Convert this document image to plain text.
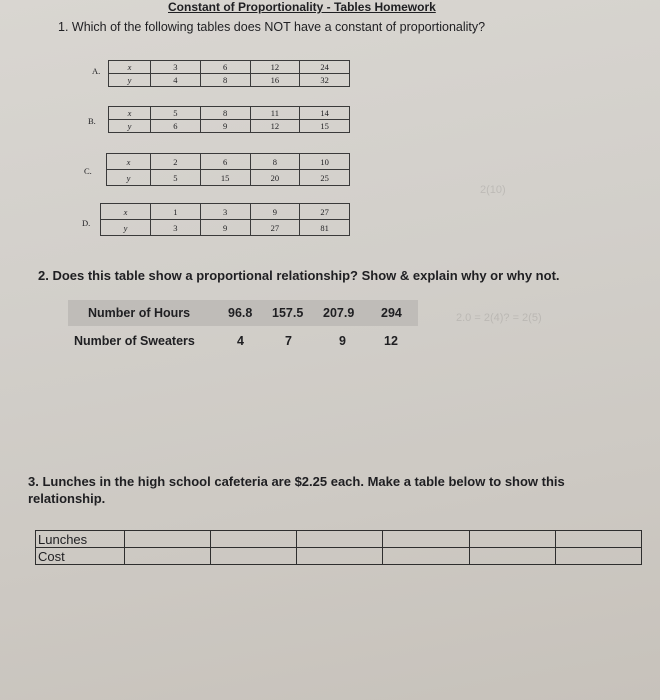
Constant of Proportionality - Tables Homework
1. Which of the following tables does NOT have a constant of proportionality?
A.	x	3	6	12	24
y	4	8	16	32
B.
x	5	8	11	14
y	6	9	12	15
C.
x	2	6	8	10
y	5	15	20	25
D.
x	1	3	9	27
y	3	9	27	81
2. Does this table show a proportional relationship? Show & explain why or why not.
Number of Hours	96.8 157.5 207.9 294
Number of Sweaters	4	7	9	12
2.0 = 2(4)? = 2(5)
2(10)
3. Lunches in the high school cafeteria are $2.25 each. Make a table below to show this relationship.
Lunches						
Cost						
